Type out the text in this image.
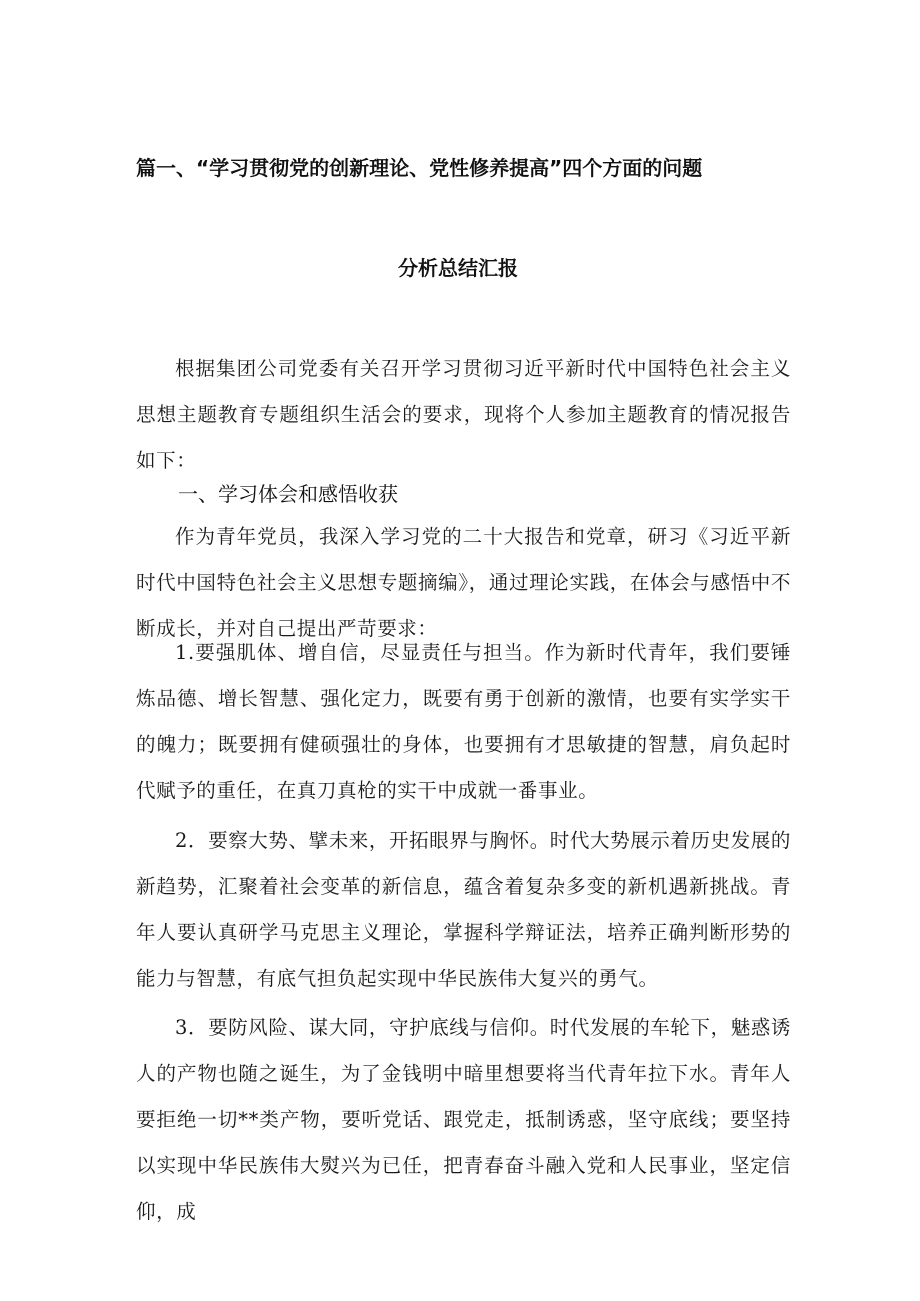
篇一、“学习贯彻党的创新理论、党性修养提高”四个方面的问题
分析总结汇报

根据集团公司党委有关召开学习贯彻习近平新时代中国特色社会主义思想主题教育专题组织生活会的要求，现将个人参加主题教育的情况报告如下：

一、学习体会和感悟收获

作为青年党员，我深入学习党的二十大报告和党章，研习《习近平新时代中国特色社会主义思想专题摘编》，通过理论实践，在体会与感悟中不断成长，并对自己提出严苛要求：

1.要强肌体、增自信，尽显责任与担当。作为新时代青年，我们要锤炼品德、增长智慧、强化定力，既要有勇于创新的激情，也要有实学实干的魄力；既要拥有健硕强壮的身体，也要拥有才思敏捷的智慧，肩负起时代赋予的重任，在真刀真枪的实干中成就一番事业。

2．要察大势、擘未来，开拓眼界与胸怀。时代大势展示着历史发展的新趋势，汇聚着社会变革的新信息，蕴含着复杂多变的新机遇新挑战。青年人要认真研学马克思主义理论，掌握科学辩证法，培养正确判断形势的能力与智慧，有底气担负起实现中华民族伟大复兴的勇气。

3．要防风险、谋大同，守护底线与信仰。时代发展的车轮下，魅惑诱人的产物也随之诞生，为了金钱明中暗里想要将当代青年拉下水。青年人要拒绝一切**类产物，要听党话、跟党走，抵制诱惑，坚守底线；要坚持以实现中华民族伟大熨兴为已任，把青春奋斗融入党和人民事业，坚定信仰，成
